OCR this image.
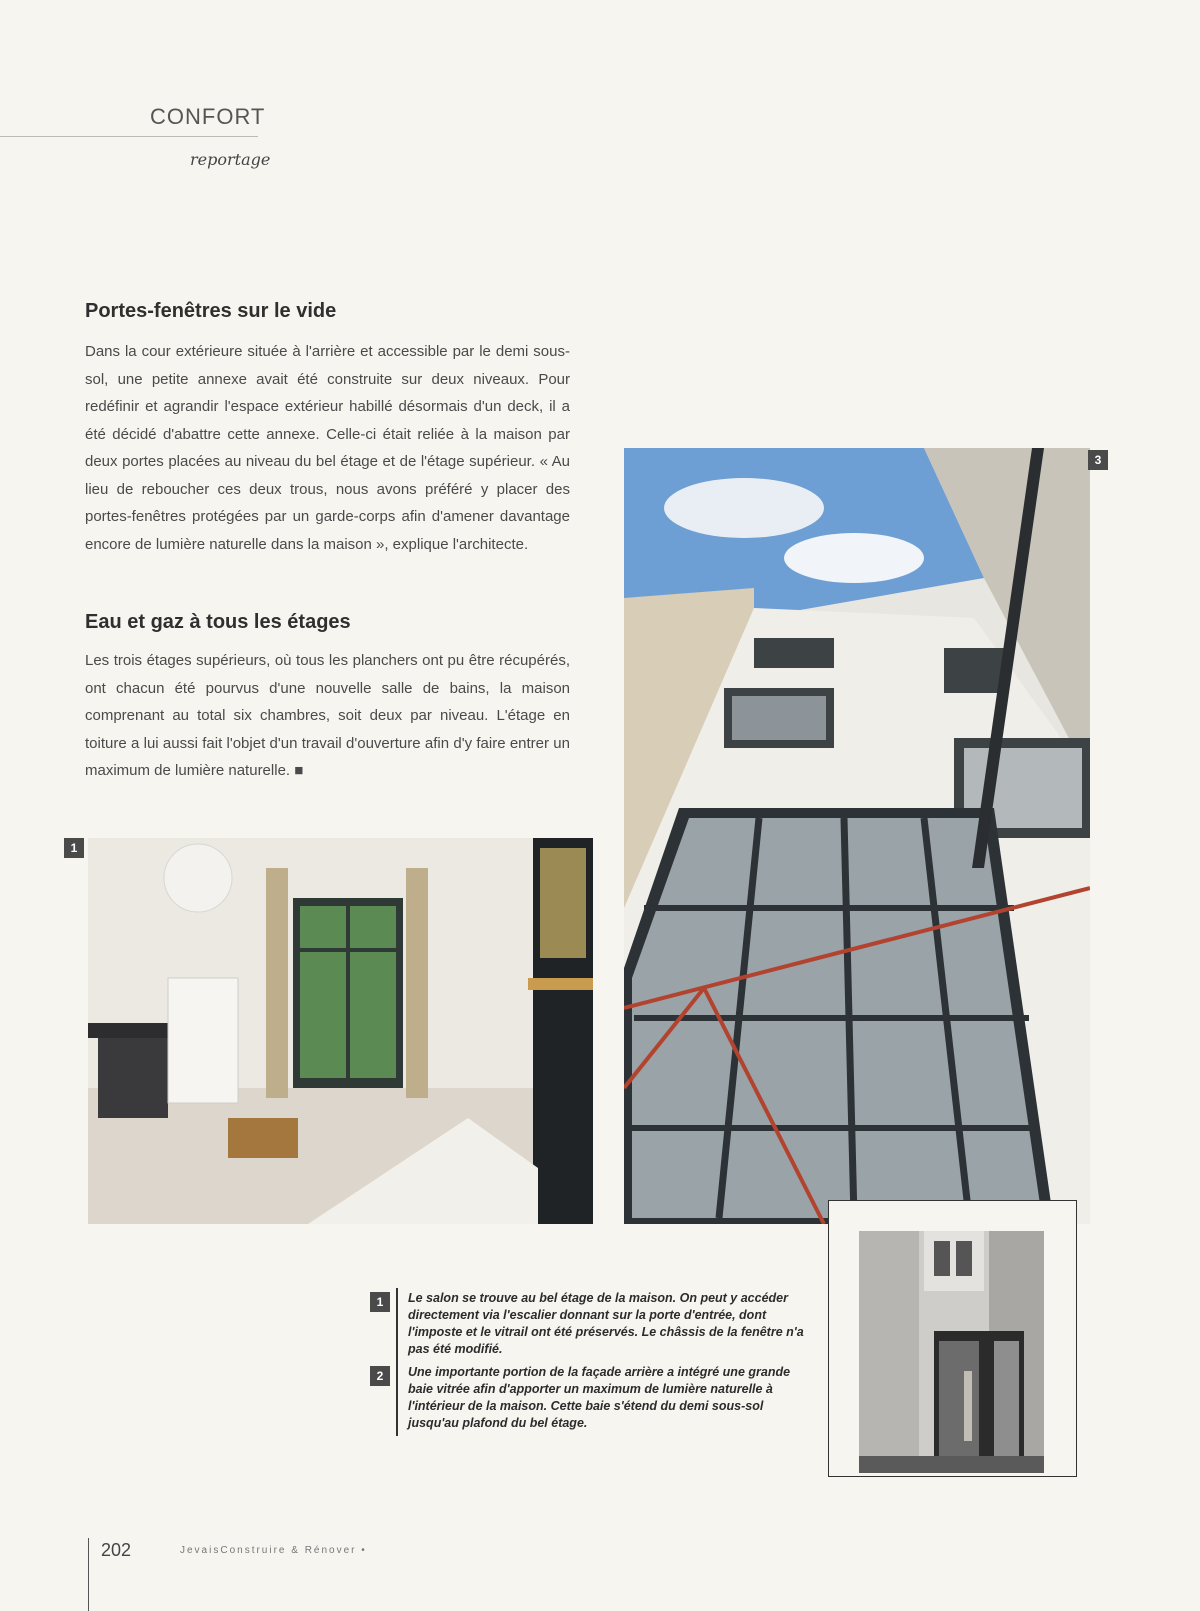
CONFORT
reportage
Portes-fenêtres sur le vide
Dans la cour extérieure située à l'arrière et accessible par le demi sous-sol, une petite annexe avait été construite sur deux niveaux. Pour redéfinir et agrandir l'espace extérieur habillé désormais d'un deck, il a été décidé d'abattre cette annexe. Celle-ci était reliée à la maison par deux portes placées au niveau du bel étage et de l'étage supérieur. « Au lieu de reboucher ces deux trous, nous avons préféré y placer des portes-fenêtres protégées par un garde-corps afin d'amener davantage encore de lumière naturelle dans la maison », explique l'architecte.
Eau et gaz à tous les étages
Les trois étages supérieurs, où tous les planchers ont pu être récupérés, ont chacun été pourvus d'une nouvelle salle de bains, la maison comprenant au total six chambres, soit deux par niveau. L'étage en toiture a lui aussi fait l'objet d'un travail d'ouverture afin d'y faire entrer un maximum de lumière naturelle. ■
1
3
1
2
Le salon se trouve au bel étage de la maison. On peut y accéder directement via l'escalier donnant sur la porte d'entrée, dont l'imposte et le vitrail ont été préservés. Le châssis de la fenêtre n'a pas été modifié.
Une importante portion de la façade arrière a intégré une grande baie vitrée afin d'apporter un maximum de lumière naturelle à l'intérieur de la maison. Cette baie s'étend du demi sous-sol jusqu'au plafond du bel étage.
202	JevaisConstruire & Rénover •
